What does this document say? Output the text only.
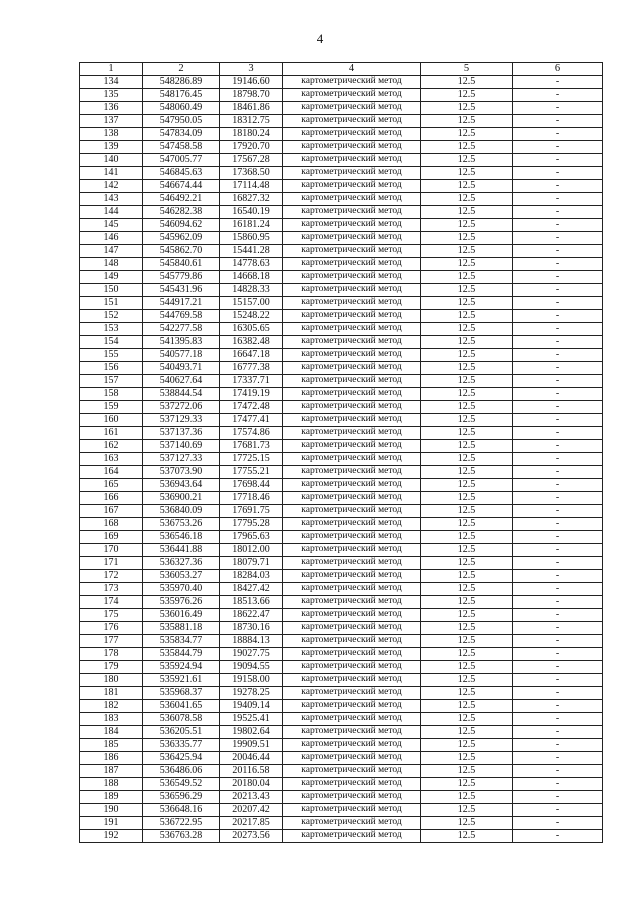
4
1	2	3	4	5	6
134	548286.89	19146.60	картометрический метод	12.5	-
135	548176.45	18798.70	картометрический метод	12.5	-
136	548060.49	18461.86	картометрический метод	12.5	-
137	547950.05	18312.75	картометрический метод	12.5	-
138	547834.09	18180.24	картометрический метод	12.5	-
139	547458.58	17920.70	картометрический метод	12.5	-
140	547005.77	17567.28	картометрический метод	12.5	-
141	546845.63	17368.50	картометрический метод	12.5	-
142	546674.44	17114.48	картометрический метод	12.5	-
143	546492.21	16827.32	картометрический метод	12.5	-
144	546282.38	16540.19	картометрический метод	12.5	-
145	546094.62	16181.24	картометрический метод	12.5	-
146	545962.09	15860.95	картометрический метод	12.5	-
147	545862.70	15441.28	картометрический метод	12.5	-
148	545840.61	14778.63	картометрический метод	12.5	-
149	545779.86	14668.18	картометрический метод	12.5	-
150	545431.96	14828.33	картометрический метод	12.5	-
151	544917.21	15157.00	картометрический метод	12.5	-
152	544769.58	15248.22	картометрический метод	12.5	-
153	542277.58	16305.65	картометрический метод	12.5	-
154	541395.83	16382.48	картометрический метод	12.5	-
155	540577.18	16647.18	картометрический метод	12.5	-
156	540493.71	16777.38	картометрический метод	12.5	-
157	540627.64	17337.71	картометрический метод	12.5	-
158	538844.54	17419.19	картометрический метод	12.5	-
159	537272.06	17472.48	картометрический метод	12.5	-
160	537129.33	17477.41	картометрический метод	12.5	-
161	537137.36	17574.86	картометрический метод	12.5	-
162	537140.69	17681.73	картометрический метод	12.5	-
163	537127.33	17725.15	картометрический метод	12.5	-
164	537073.90	17755.21	картометрический метод	12.5	-
165	536943.64	17698.44	картометрический метод	12.5	-
166	536900.21	17718.46	картометрический метод	12.5	-
167	536840.09	17691.75	картометрический метод	12.5	-
168	536753.26	17795.28	картометрический метод	12.5	-
169	536546.18	17965.63	картометрический метод	12.5	-
170	536441.88	18012.00	картометрический метод	12.5	-
171	536327.36	18079.71	картометрический метод	12.5	-
172	536053.27	18284.03	картометрический метод	12.5	-
173	535970.40	18427.42	картометрический метод	12.5	-
174	535976.26	18513.66	картометрический метод	12.5	-
175	536016.49	18622.47	картометрический метод	12.5	-
176	535881.18	18730.16	картометрический метод	12.5	-
177	535834.77	18884.13	картометрический метод	12.5	-
178	535844.79	19027.75	картометрический метод	12.5	-
179	535924.94	19094.55	картометрический метод	12.5	-
180	535921.61	19158.00	картометрический метод	12.5	-
181	535968.37	19278.25	картометрический метод	12.5	-
182	536041.65	19409.14	картометрический метод	12.5	-
183	536078.58	19525.41	картометрический метод	12.5	-
184	536205.51	19802.64	картометрический метод	12.5	-
185	536335.77	19909.51	картометрический метод	12.5	-
186	536425.94	20046.44	картометрический метод	12.5	-
187	536486.06	20116.58	картометрический метод	12.5	-
188	536549.52	20180.04	картометрический метод	12.5	-
189	536596.29	20213.43	картометрический метод	12.5	-
190	536648.16	20207.42	картометрический метод	12.5	-
191	536722.95	20217.85	картометрический метод	12.5	-
192	536763.28	20273.56	картометрический метод	12.5	-
